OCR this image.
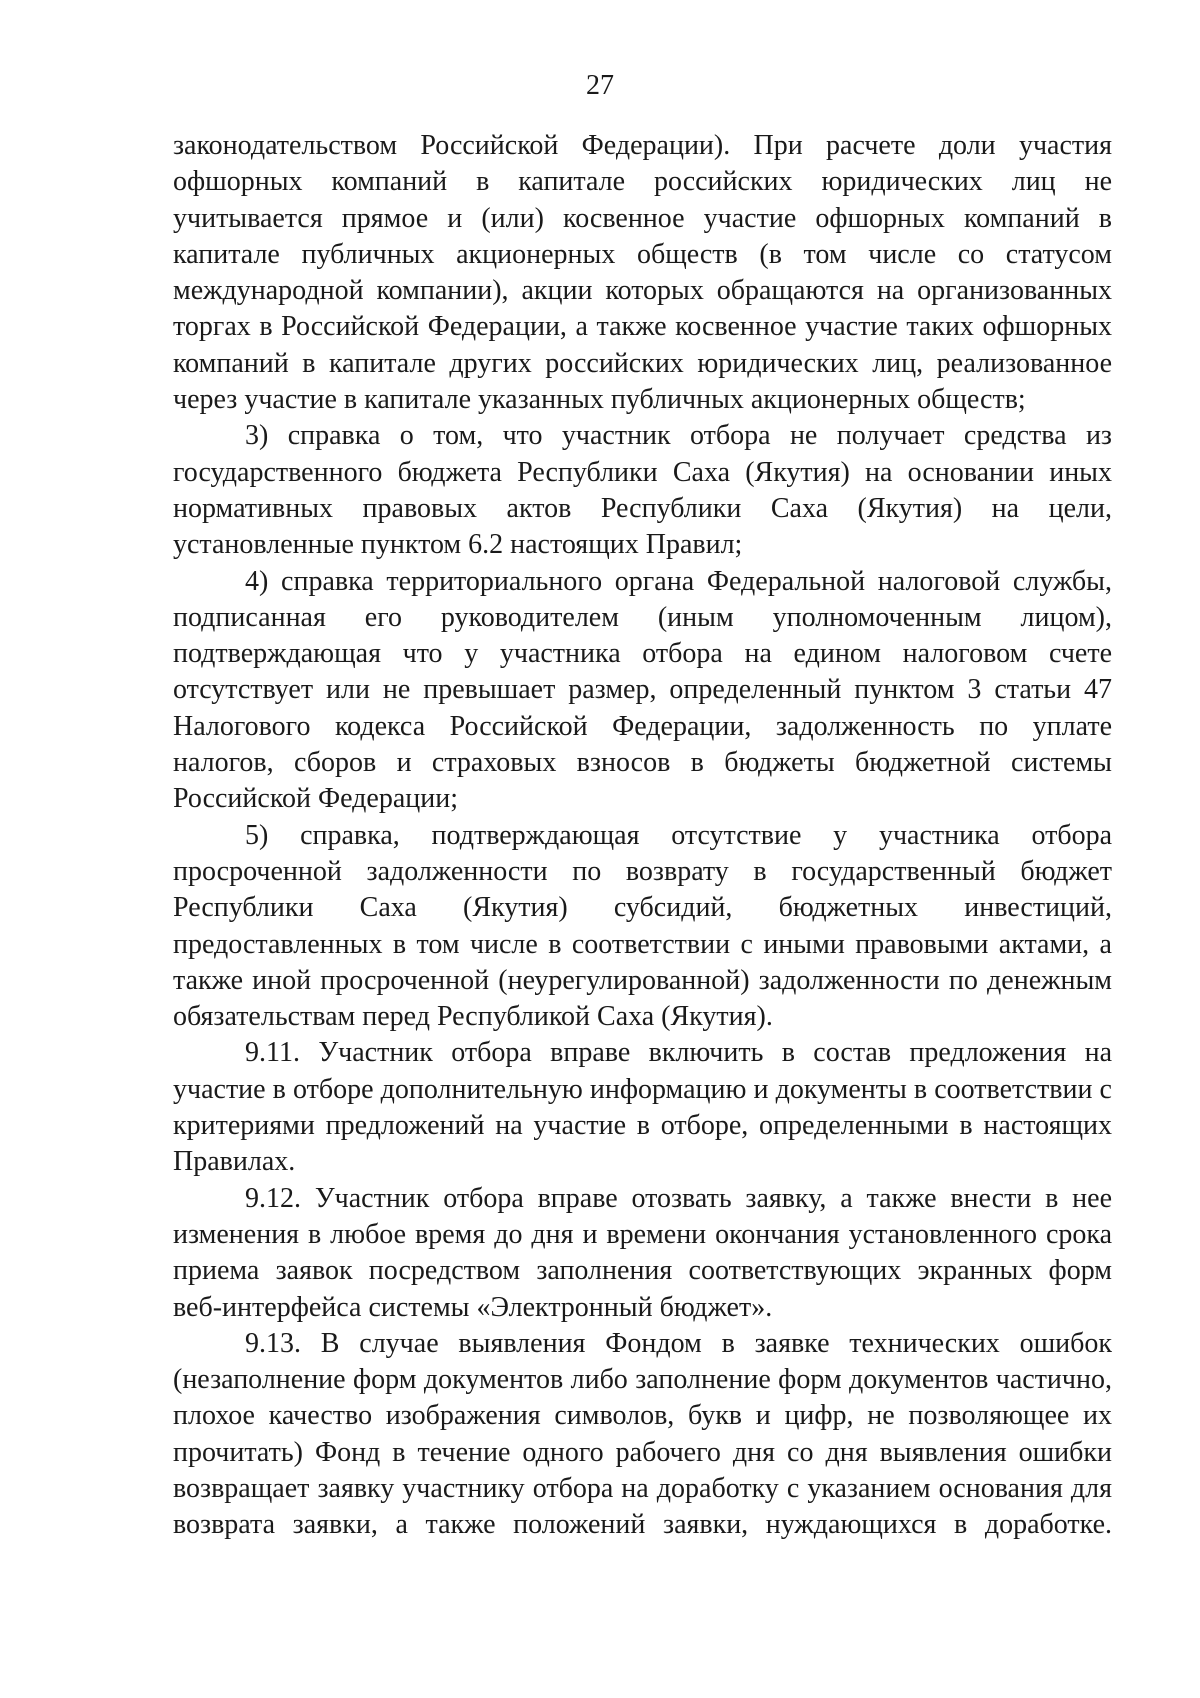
27

законодательством Российской Федерации). При расчете доли участия офшорных компаний в капитале российских юридических лиц не учитывается прямое и (или) косвенное участие офшорных компаний в капитале публичных акционерных обществ (в том числе со статусом международной компании), акции которых обращаются на организованных торгах в Российской Федерации, а также косвенное участие таких офшорных компаний в капитале других российских юридических лиц, реализованное через участие в капитале указанных публичных акционерных обществ;

3) справка о том, что участник отбора не получает средства из государственного бюджета Республики Саха (Якутия) на основании иных нормативных правовых актов Республики Саха (Якутия) на цели, установленные пунктом 6.2 настоящих Правил;

4) справка территориального органа Федеральной налоговой службы, подписанная его руководителем (иным уполномоченным лицом), подтверждающая что у участника отбора на едином налоговом счете отсутствует или не превышает размер, определенный пунктом 3 статьи 47 Налогового кодекса Российской Федерации, задолженность по уплате налогов, сборов и страховых взносов в бюджеты бюджетной системы Российской Федерации;

5) справка, подтверждающая отсутствие у участника отбора просроченной задолженности по возврату в государственный бюджет Республики Саха (Якутия) субсидий, бюджетных инвестиций, предоставленных в том числе в соответствии с иными правовыми актами, а также иной просроченной (неурегулированной) задолженности по денежным обязательствам перед Республикой Саха (Якутия).

9.11. Участник отбора вправе включить в состав предложения на участие в отборе дополнительную информацию и документы в соответствии с критериями предложений на участие в отборе, определенными в настоящих Правилах.

9.12. Участник отбора вправе отозвать заявку, а также внести в нее изменения в любое время до дня и времени окончания установленного срока приема заявок посредством заполнения соответствующих экранных форм веб-интерфейса системы «Электронный бюджет».

9.13. В случае выявления Фондом в заявке технических ошибок (незаполнение форм документов либо заполнение форм документов частично, плохое качество изображения символов, букв и цифр, не позволяющее их прочитать) Фонд в течение одного рабочего дня со дня выявления ошибки возвращает заявку участнику отбора на доработку с указанием основания для возврата заявки, а также положений заявки, нуждающихся в доработке.
